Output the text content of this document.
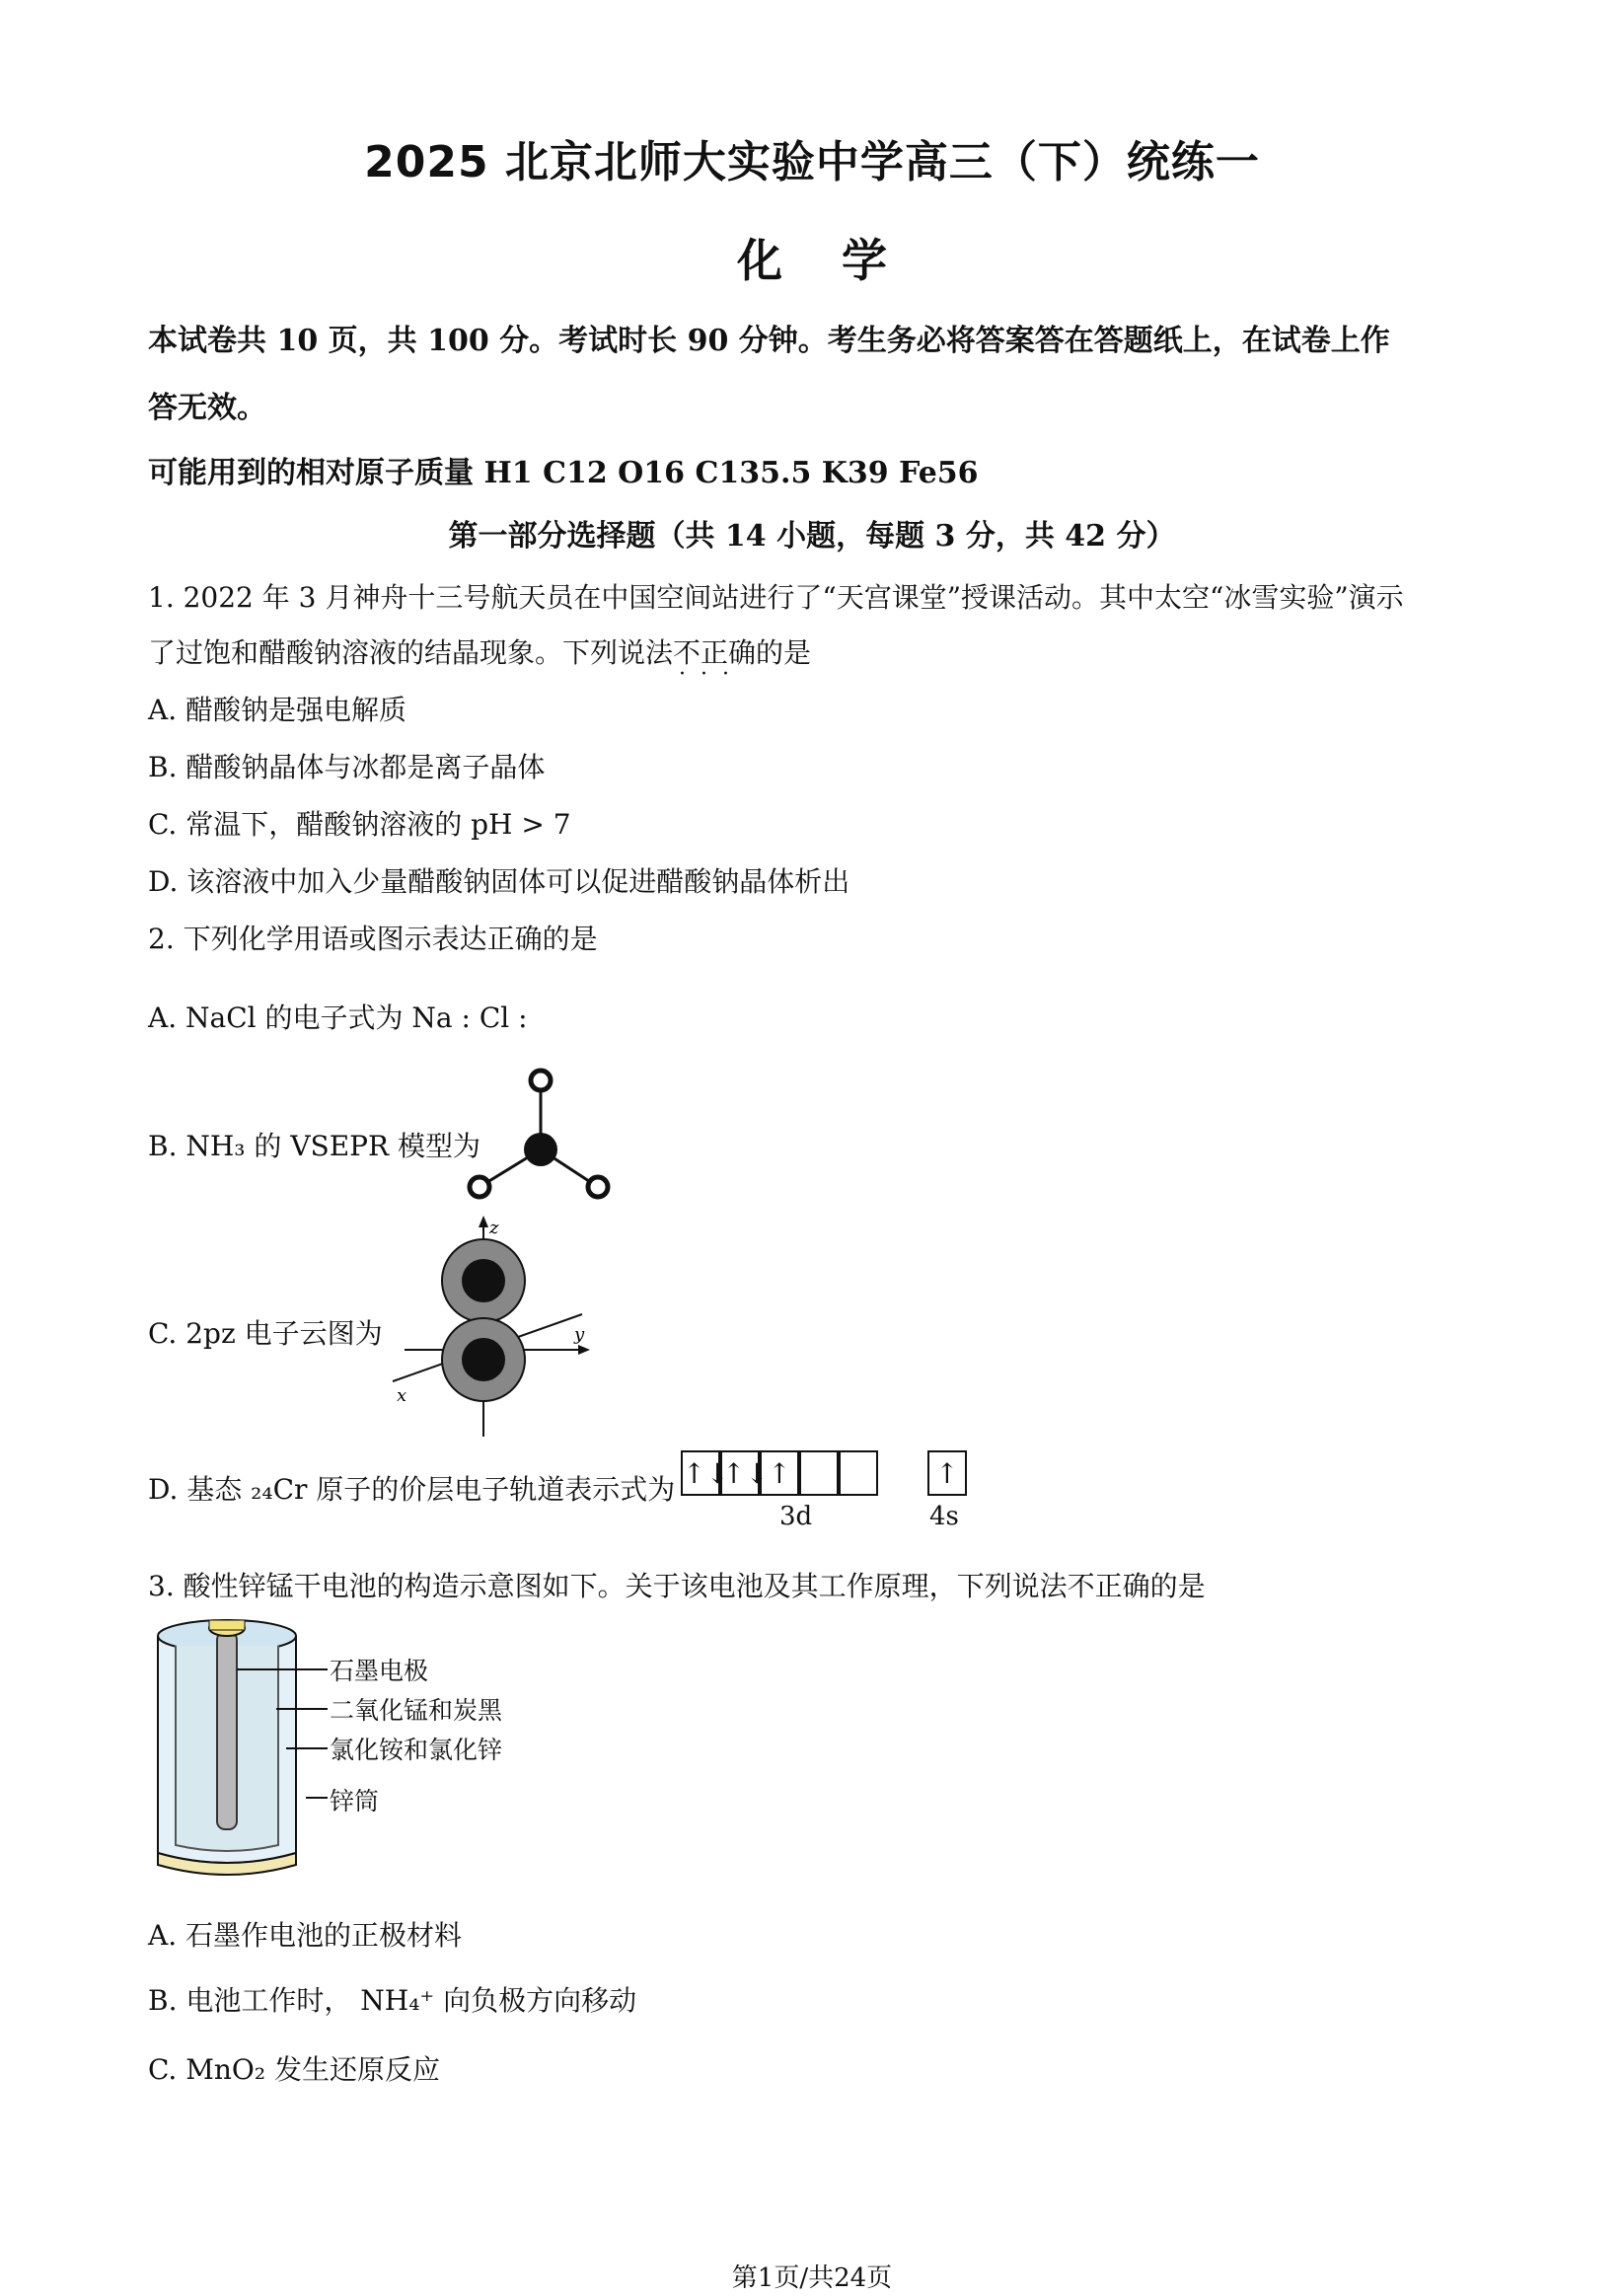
2025 北京北师大实验中学高三（下）统练一
化学
本试卷共 10 页，共 100 分。考试时长 90 分钟。考生务必将答案答在答题纸上，在试卷上作
答无效。
可能用到的相对原子质量 H1 C12 O16 C135.5 K39 Fe56
第一部分选择题（共 14 小题，每题 3 分，共 42 分）
1. 2022 年 3 月神舟十三号航天员在中国空间站进行了“天宫课堂”授课活动。其中太空“冰雪实验”演示
了过饱和醋酸钠溶液的结晶现象。下列说法不正确 · · ·的是
A. 醋酸钠是强电解质
B. 醋酸钠晶体与冰都是离子晶体
C. 常温下，醋酸钠溶液的 pH > 7
D. 该溶液中加入少量醋酸钠固体可以促进醋酸钠晶体析出
2. 下列化学用语或图示表达正确的是
A. NaCl 的电子式为 Na : Cl :
B. NH₃ 的 VSEPR 模型为
C. 2pz 电子云图为
z
y
x
D. 基态 ₂₄Cr 原子的价层电子轨道表示式为 ↑↓
↑↓ ↑	↑
3d	4s
3. 酸性锌锰干电池的构造示意图如下。关于该电池及其工作原理，下列说法不正确的是
石墨电极
二氧化锰和炭黑
氯化铵和氯化锌
锌筒
A. 石墨作电池的正极材料
B. 电池工作时， NH₄⁺ 向负极方向移动
C. MnO₂ 发生还原反应
第1页/共24页
